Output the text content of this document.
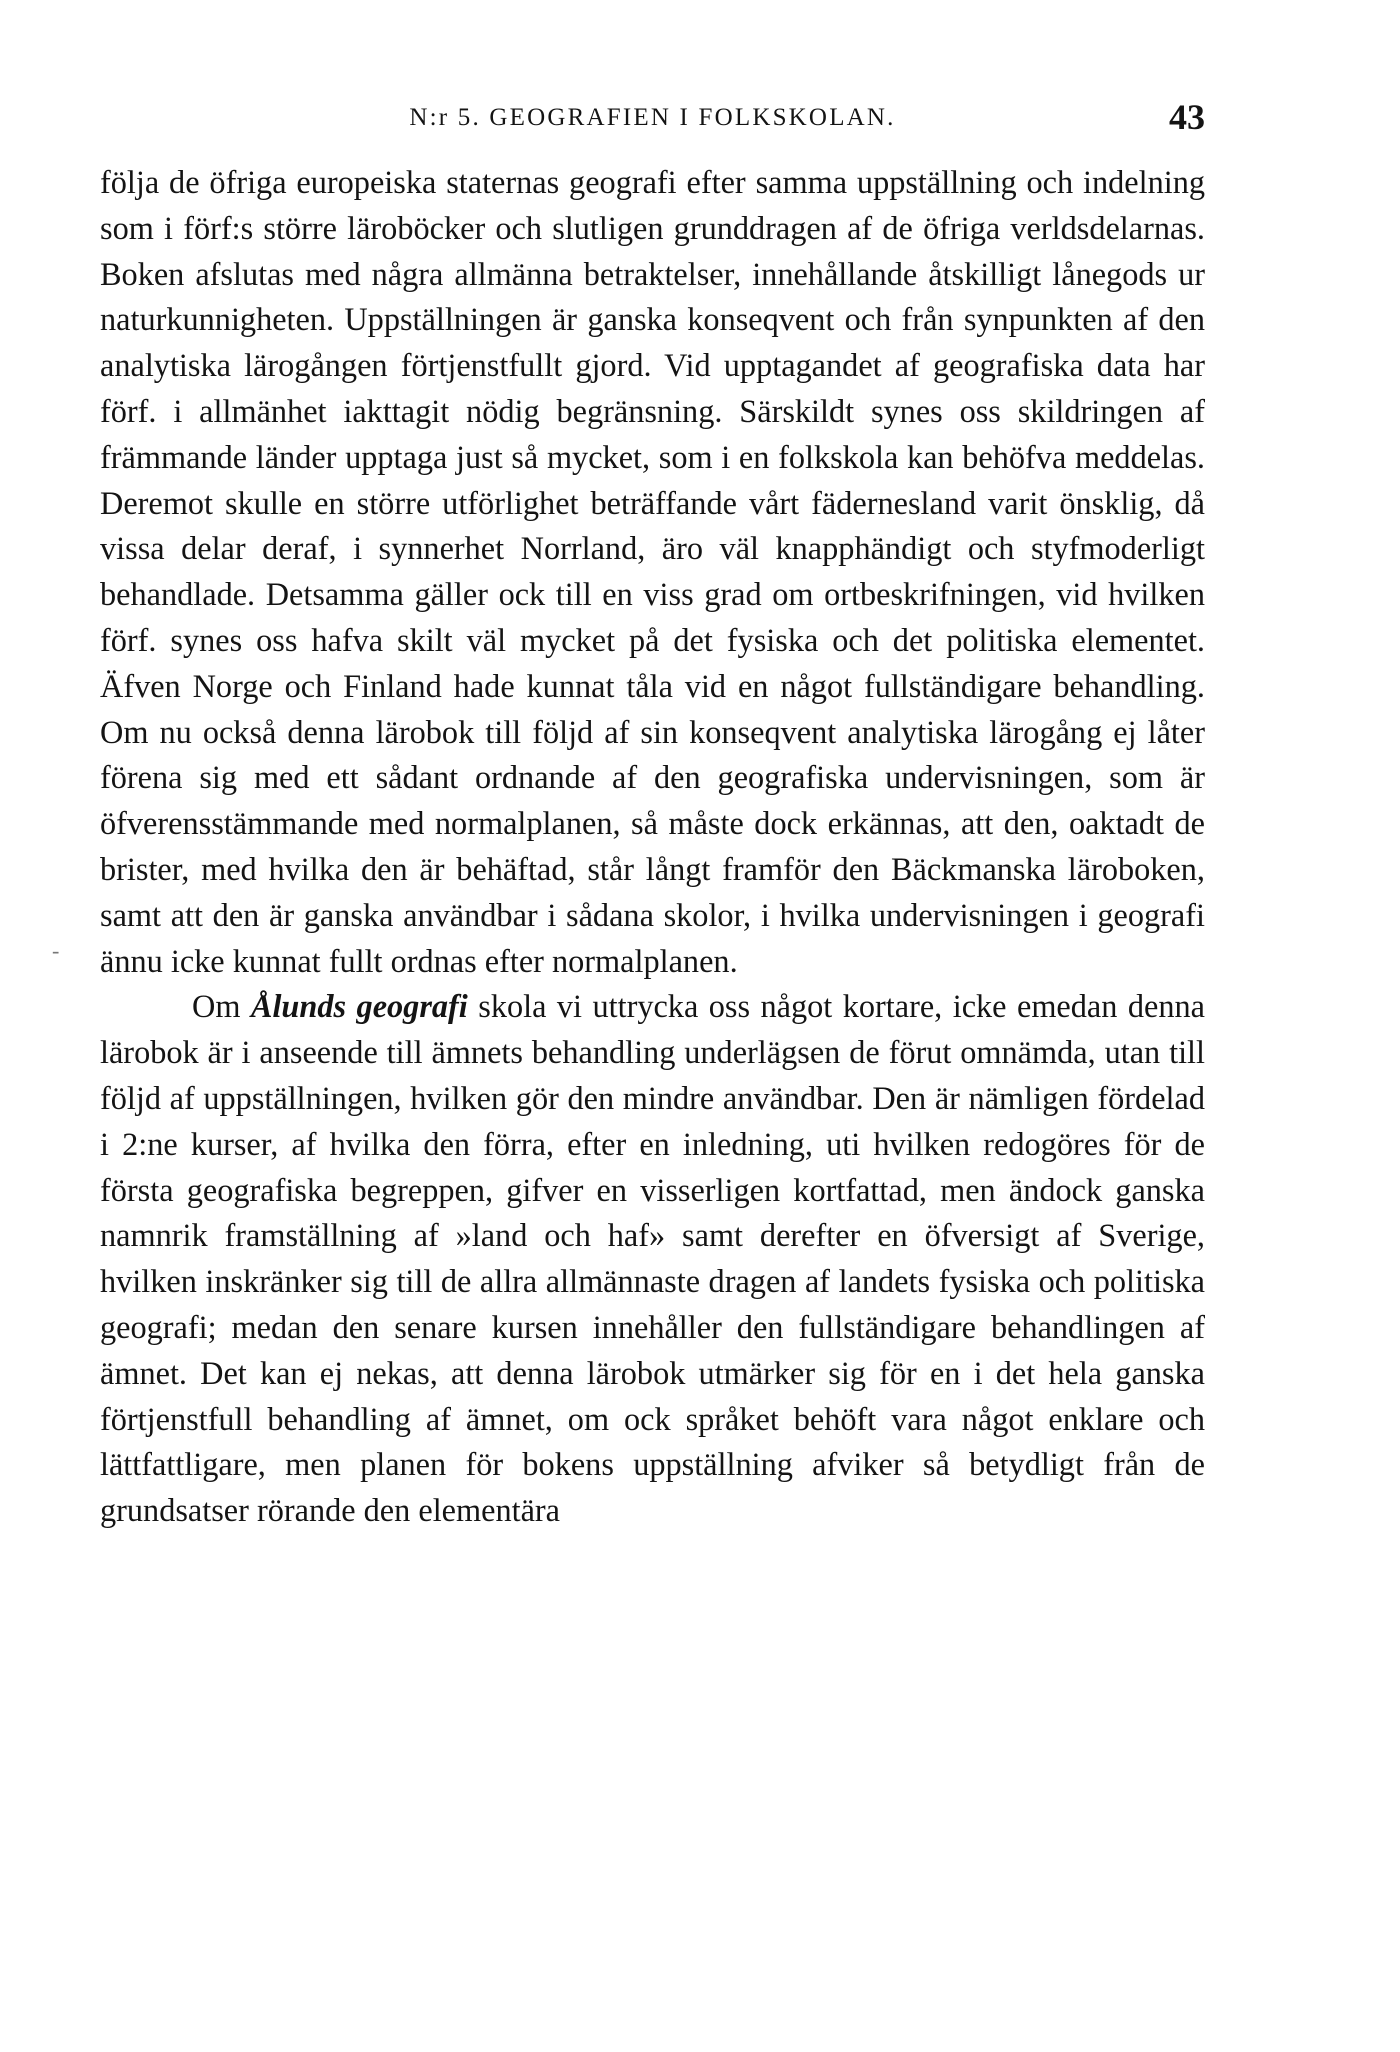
N:r 5. GEOGRAFIEN I FOLKSKOLAN.	43
-

följa de öfriga europeiska staternas geografi efter samma uppställning och indelning som i förf:s större läroböcker och slutligen grunddragen af de öfriga verldsdelarnas. Boken afslutas med några allmänna betraktelser, innehållande åtskilligt lånegods ur naturkunnigheten. Uppställningen är ganska konseqvent och från synpunkten af den analytiska lärogången förtjenstfullt gjord. Vid upptagandet af geografiska data har förf. i allmänhet iakttagit nödig begränsning. Särskildt synes oss skildringen af främmande länder upptaga just så mycket, som i en folkskola kan behöfva meddelas. Deremot skulle en större utförlighet beträffande vårt fädernesland varit önsklig, då vissa delar deraf, i synnerhet Norrland, äro väl knapphändigt och styfmoderligt behandlade. Detsamma gäller ock till en viss grad om ortbeskrifningen, vid hvilken förf. synes oss hafva skilt väl mycket på det fysiska och det politiska elementet. Äfven Norge och Finland hade kunnat tåla vid en något fullständigare behandling. Om nu också denna lärobok till följd af sin konseqvent analytiska lärogång ej låter förena sig med ett sådant ordnande af den geografiska undervisningen, som är öfverensstämmande med normalplanen, så måste dock erkännas, att den, oaktadt de brister, med hvilka den är behäftad, står långt framför den Bäckmanska läroboken, samt att den är ganska användbar i sådana skolor, i hvilka undervisningen i geografi ännu icke kunnat fullt ordnas efter normalplanen.

Om Ålunds geografi skola vi uttrycka oss något kortare, icke emedan denna lärobok är i anseende till ämnets behandling underlägsen de förut omnämda, utan till följd af uppställningen, hvilken gör den mindre användbar. Den är nämligen fördelad i 2:ne kurser, af hvilka den förra, efter en inledning, uti hvilken redogöres för de första geografiska begreppen, gifver en visserligen kortfattad, men ändock ganska namnrik framställning af »land och haf» samt derefter en öfversigt af Sverige, hvilken inskränker sig till de allra allmännaste dragen af landets fysiska och politiska geografi; medan den senare kursen innehåller den fullständigare behandlingen af ämnet. Det kan ej nekas, att denna lärobok utmärker sig för en i det hela ganska förtjenstfull behandling af ämnet, om ock språket behöft vara något enklare och lättfattligare, men planen för bokens uppställning afviker så betydligt från de grundsatser rörande den elementära
